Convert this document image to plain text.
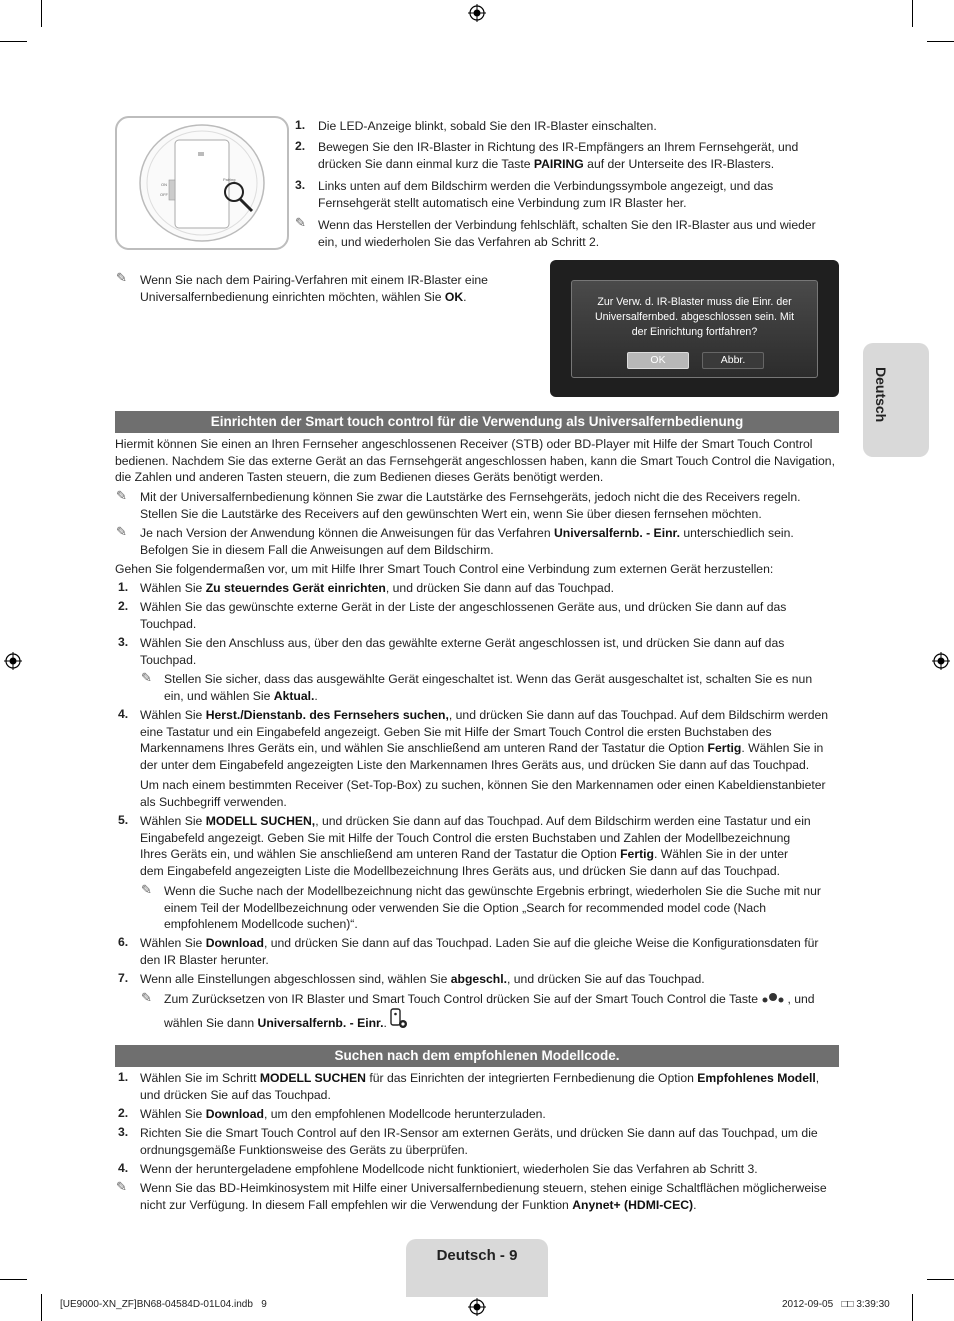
Pairing
ON
OFF
1. Die LED-Anzeige blinkt, sobald Sie den IR-Blaster einschalten.
2. Bewegen Sie den IR-Blaster in Richtung des IR-Empfängers an Ihrem Fernsehgerät, und drücken Sie dann einmal kurz die Taste PAIRING auf der Unterseite des IR-Blasters.
3. Links unten auf dem Bildschirm werden die Verbindungssymbole angezeigt, und das Fernsehgerät stellt automatisch eine Verbindung zum IR Blaster her.
✎ Wenn das Herstellen der Verbindung fehlschläft, schalten Sie den IR-Blaster aus und wieder ein, und wiederholen Sie das Verfahren ab Schritt 2.
✎ Wenn Sie nach dem Pairing-Verfahren mit einem IR-Blaster eine Universalfernbedienung einrichten möchten, wählen Sie OK.	Zur Verw. d. IR-Blaster muss die Einr. der Universalfernbed. abgeschlossen sein. Mit der Einrichtung fortfahren?
OK	Abbr.
Deutsch
Einrichten der Smart touch control für die Verwendung als Universalfernbedienung
Hiermit können Sie einen an Ihren Fernseher angeschlossenen Receiver (STB) oder BD-Player mit Hilfe der Smart Touch Control bedienen. Nachdem Sie das externe Gerät an das Fernsehgerät angeschlossen haben, kann die Smart Touch Control die Navigation, die Zahlen und anderen Tasten steuern, die zum Bedienen dieses Geräts benötigt werden.
✎ Mit der Universalfernbedienung können Sie zwar die Lautstärke des Fernsehgeräts, jedoch nicht die des Receivers regeln. Stellen Sie die Lautstärke des Receivers auf den gewünschten Wert ein, wenn Sie über diesen fernsehen möchten.
✎ Je nach Version der Anwendung können die Anweisungen für das Verfahren Universalfernb. - Einr. unterschiedlich sein. Befolgen Sie in diesem Fall die Anweisungen auf dem Bildschirm.
Gehen Sie folgendermaßen vor, um mit Hilfe Ihrer Smart Touch Control eine Verbindung zum externen Gerät herzustellen:
1. Wählen Sie Zu steuerndes Gerät einrichten, und drücken Sie dann auf das Touchpad.
2. Wählen Sie das gewünschte externe Gerät in der Liste der angeschlossenen Geräte aus, und drücken Sie dann auf das Touchpad.
3. Wählen Sie den Anschluss aus, über den das gewählte externe Gerät angeschlossen ist, und drücken Sie dann auf das Touchpad.
✎ Stellen Sie sicher, dass das ausgewählte Gerät eingeschaltet ist. Wenn das Gerät ausgeschaltet ist, schalten Sie es nun ein, und wählen Sie Aktual..
4. Wählen Sie Herst./Dienstanb. des Fernsehers suchen,, und drücken Sie dann auf das Touchpad. Auf dem Bildschirm werden eine Tastatur und ein Eingabefeld angezeigt. Geben Sie mit Hilfe der Smart Touch Control die ersten Buchstaben des Markennamens Ihres Geräts ein, und wählen Sie anschließend am unteren Rand der Tastatur die Option Fertig. Wählen Sie in der unter dem Eingabefeld angezeigten Liste den Markennamen Ihres Geräts aus, und drücken Sie dann auf das Touchpad.
Um nach einem bestimmten Receiver (Set-Top-Box) zu suchen, können Sie den Markennamen oder einen Kabeldienstanbieter als Suchbegriff verwenden.
5. Wählen Sie MODELL SUCHEN,, und drücken Sie dann auf das Touchpad. Auf dem Bildschirm werden eine Tastatur und ein Eingabefeld angezeigt. Geben Sie mit Hilfe der Touch Control die ersten Buchstaben und Zahlen der Modellbezeichnung Ihres Geräts ein, und wählen Sie anschließend am unteren Rand der Tastatur die Option Fertig. Wählen Sie in der unter dem Eingabefeld angezeigten Liste die Modellbezeichnung Ihres Geräts aus, und drücken Sie dann auf das Touchpad.
✎ Wenn die Suche nach der Modellbezeichnung nicht das gewünschte Ergebnis erbringt, wiederholen Sie die Suche mit nur einem Teil der Modellbezeichnung oder verwenden Sie die Option „Search for recommended model code (Nach empfohlenem Modellcode suchen)“.
6. Wählen Sie Download, und drücken Sie dann auf das Touchpad. Laden Sie auf die gleiche Weise die Konfigurationsdaten für den IR Blaster herunter.
7. Wenn alle Einstellungen abgeschlossen sind, wählen Sie abgeschl., und drücken Sie auf das Touchpad.
✎ Zum Zurücksetzen von IR Blaster und Smart Touch Control drücken Sie auf der Smart Touch Control die Taste , und
wählen Sie dann Universalfernb. - Einr..
Suchen nach dem empfohlenen Modellcode.
1. Wählen Sie im Schritt MODELL SUCHEN für das Einrichten der integrierten Fernbedienung die Option Empfohlenes Modell, und drücken Sie auf das Touchpad.
2. Wählen Sie Download, um den empfohlenen Modellcode herunterzuladen.
3. Richten Sie die Smart Touch Control auf den IR-Sensor am externen Geräts, und drücken Sie dann auf das Touchpad, um die ordnungsgemäße Funktionsweise des Geräts zu überprüfen.
4. Wenn der heruntergeladene empfohlene Modellcode nicht funktioniert, wiederholen Sie das Verfahren ab Schritt 3.
✎ Wenn Sie das BD-Heimkinosystem mit Hilfe einer Universalfernbedienung steuern, stehen einige Schaltflächen möglicherweise nicht zur Verfügung. In diesem Fall empfehlen wir die Verwendung der Funktion Anynet+ (HDMI-CEC).
Deutsch - 9
[UE9000-XN_ZF]BN68-04584D-01L04.indb   9	2012-09-05   □□ 3:39:30
